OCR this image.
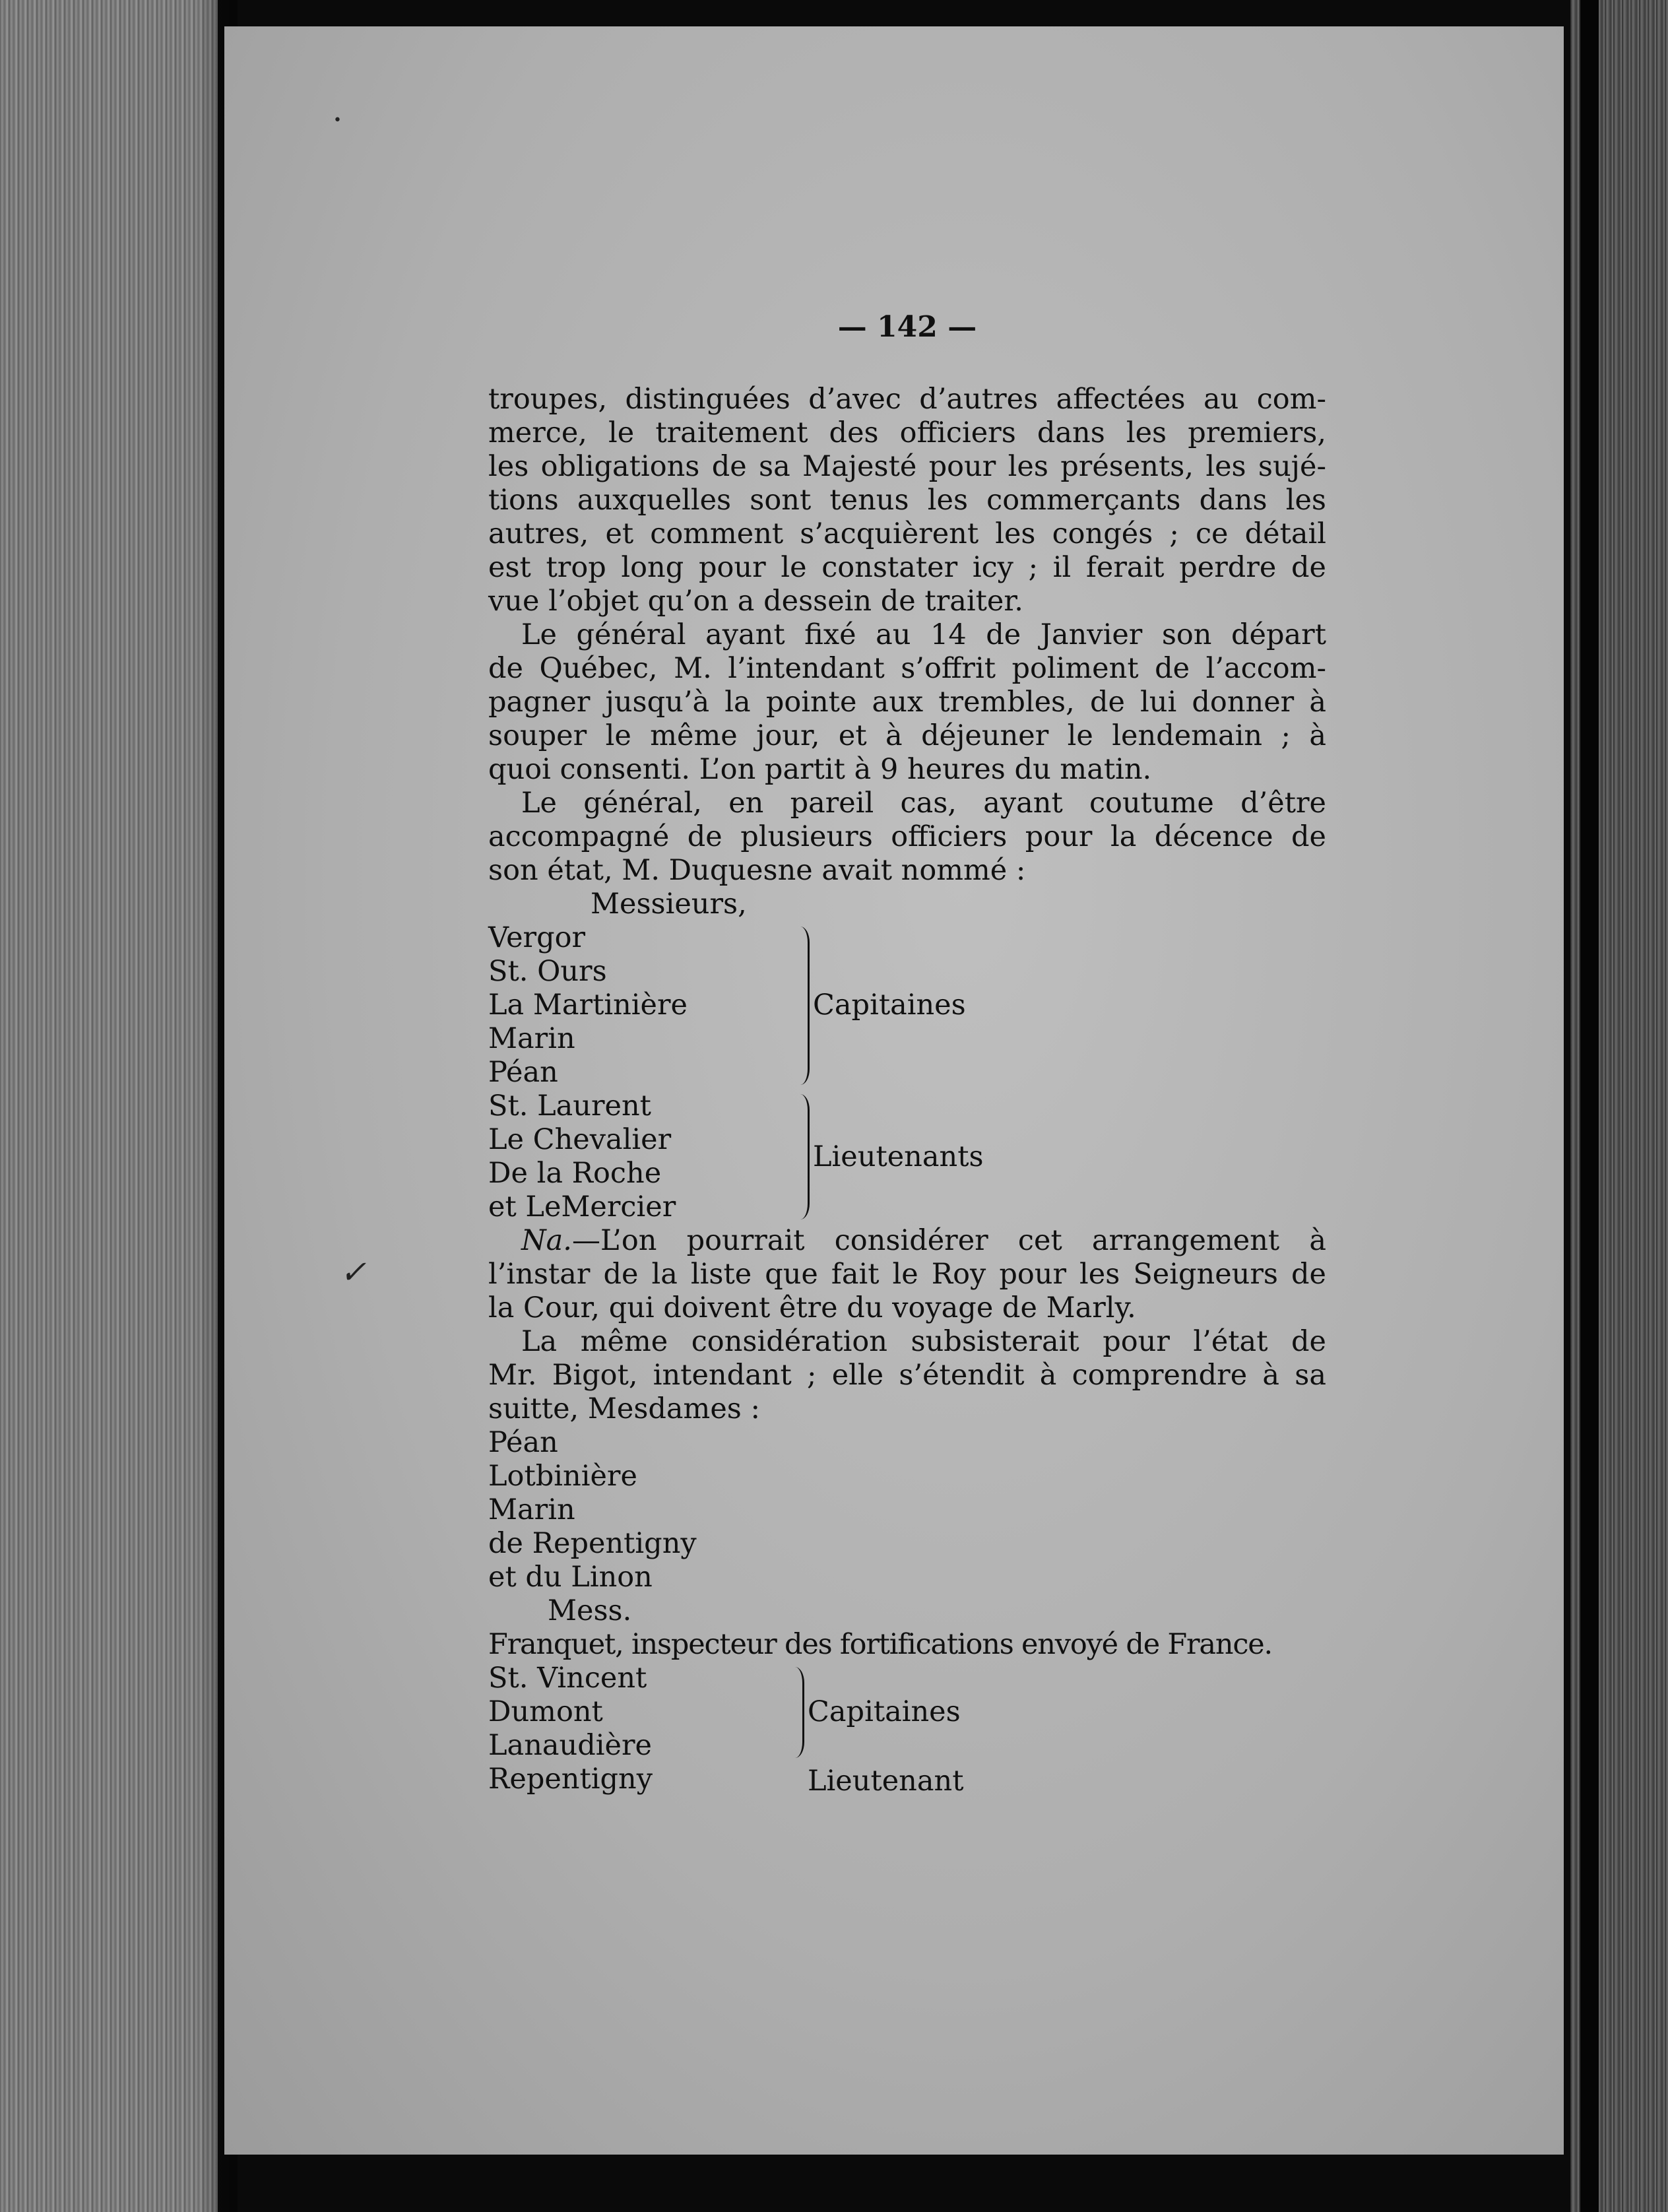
•
✓
— 142 —

troupes, distinguées d’avec d’autres affectées au com-
merce, le traitement des officiers dans les premiers,
les obligations de sa Majesté pour les présents, les sujé-
tions auxquelles sont tenus les commerçants dans les
autres, et comment s’acquièrent les congés ; ce détail
est trop long pour le constater icy ; il ferait perdre de
vue l’objet qu’on a dessein de traiter.

Le général ayant fixé au 14 de Janvier son départ
de Québec, M. l’intendant s’offrit poliment de l’accom-
pagner jusqu’à la pointe aux trembles, de lui donner à
souper le même jour, et à déjeuner le lendemain ; à
quoi consenti. L’on partit à 9 heures du matin.

Le général, en pareil cas, ayant coutume d’être
accompagné de plusieurs officiers pour la décence de
son état, M. Duquesne avait nommé :

Messieurs,
Vergor
St. Ours
La Martinière
Marin
Péan
Capitaines
St. Laurent
Le Chevalier
De la Roche
et LeMercier
Lieutenants

Na.—L’on pourrait considérer cet arrangement à
l’instar de la liste que fait le Roy pour les Seigneurs de
la Cour, qui doivent être du voyage de Marly.

La même considération subsisterait pour l’état de
Mr. Bigot, intendant ; elle s’étendit à comprendre à sa
suitte, Mesdames :

Péan
Lotbinière
Marin
de Repentigny
et du Linon
Mess.
Franquet, inspecteur des fortifications envoyé de France.
St. Vincent
Dumont
Lanaudière
Capitaines
Repentigny	Lieutenant
